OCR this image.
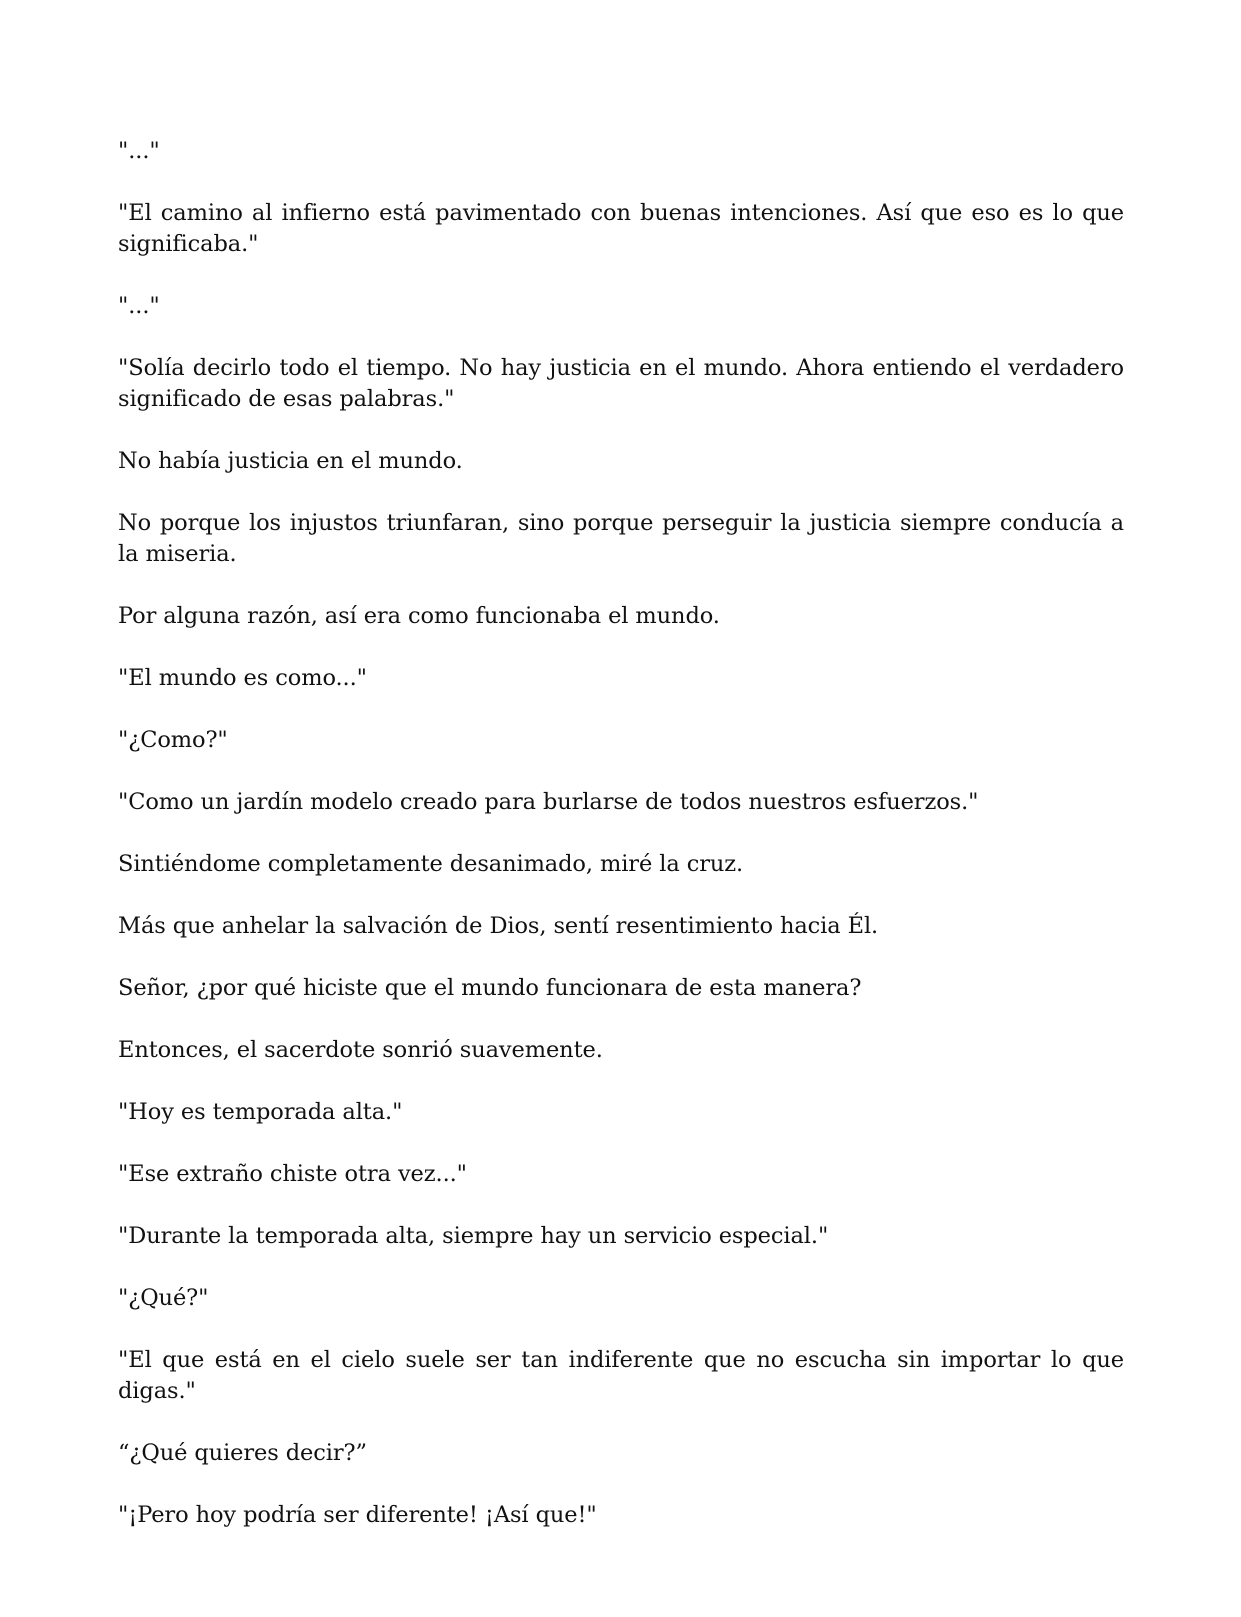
"..."

"El camino al infierno está pavimentado con buenas intenciones. Así que eso es lo que significaba."

"..."

"Solía decirlo todo el tiempo. No hay justicia en el mundo. Ahora entiendo el verdadero significado de esas palabras."

No había justicia en el mundo.

No porque los injustos triunfaran, sino porque perseguir la justicia siempre conducía a la miseria.

Por alguna razón, así era como funcionaba el mundo.

"El mundo es como..."

"¿Como?"

"Como un jardín modelo creado para burlarse de todos nuestros esfuerzos."

Sintiéndome completamente desanimado, miré la cruz.

Más que anhelar la salvación de Dios, sentí resentimiento hacia Él.

Señor, ¿por qué hiciste que el mundo funcionara de esta manera?

Entonces, el sacerdote sonrió suavemente.

"Hoy es temporada alta."

"Ese extraño chiste otra vez..."

"Durante la temporada alta, siempre hay un servicio especial."

"¿Qué?"

"El que está en el cielo suele ser tan indiferente que no escucha sin importar lo que digas."

“¿Qué quieres decir?”

"¡Pero hoy podría ser diferente! ¡Así que!"
